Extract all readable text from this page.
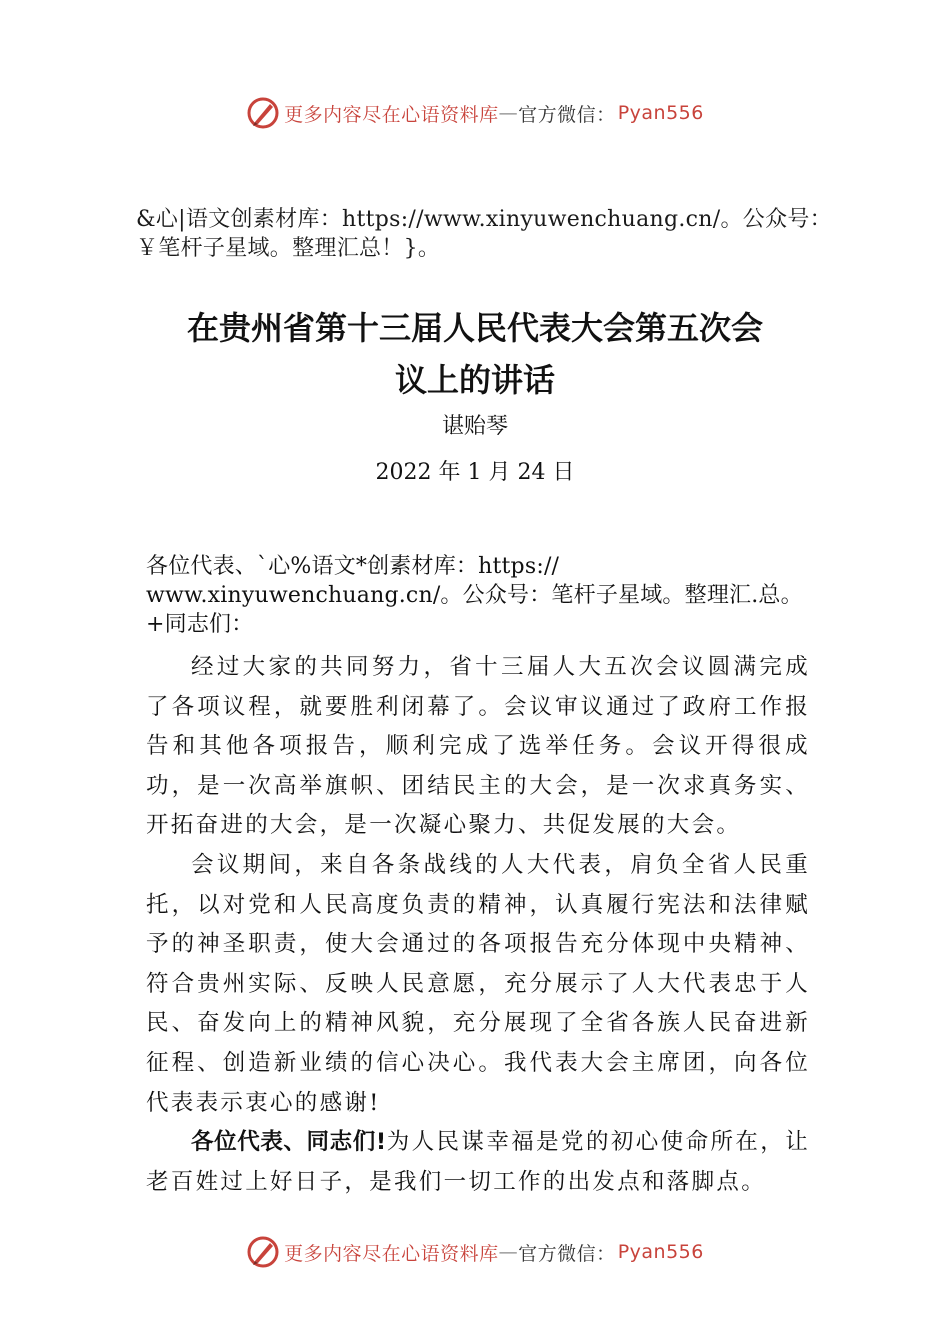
更多内容尽在心语资料库 — 官方微信： Pyan556
&心|语文创素材库：https://www.xinyuwenchuang.cn/。公众号：￥笔杆子星域。整理汇总！}。
在贵州省第十三届人民代表大会第五次会
议上的讲话
谌贻琴
2022 年 1 月 24 日
各位代表、`心%语文*创素材库：https://
www.xinyuwenchuang.cn/。公众号：笔杆子星域。整理汇.总。
+同志们：

经过大家的共同努力，省十三届人大五次会议圆满完成了各项议程，就要胜利闭幕了。会议审议通过了政府工作报告和其他各项报告，顺利完成了选举任务。会议开得很成功，是一次高举旗帜、团结民主的大会，是一次求真务实、开拓奋进的大会，是一次凝心聚力、共促发展的大会。

会议期间，来自各条战线的人大代表，肩负全省人民重托，以对党和人民高度负责的精神，认真履行宪法和法律赋予的神圣职责，使大会通过的各项报告充分体现中央精神、符合贵州实际、反映人民意愿，充分展示了人大代表忠于人民、奋发向上的精神风貌，充分展现了全省各族人民奋进新征程、创造新业绩的信心决心。我代表大会主席团，向各位代表表示衷心的感谢!

各位代表、同志们!为人民谋幸福是党的初心使命所在，让老百姓过上好日子，是我们一切工作的出发点和落脚点。

更多内容尽在心语资料库 — 官方微信： Pyan556
